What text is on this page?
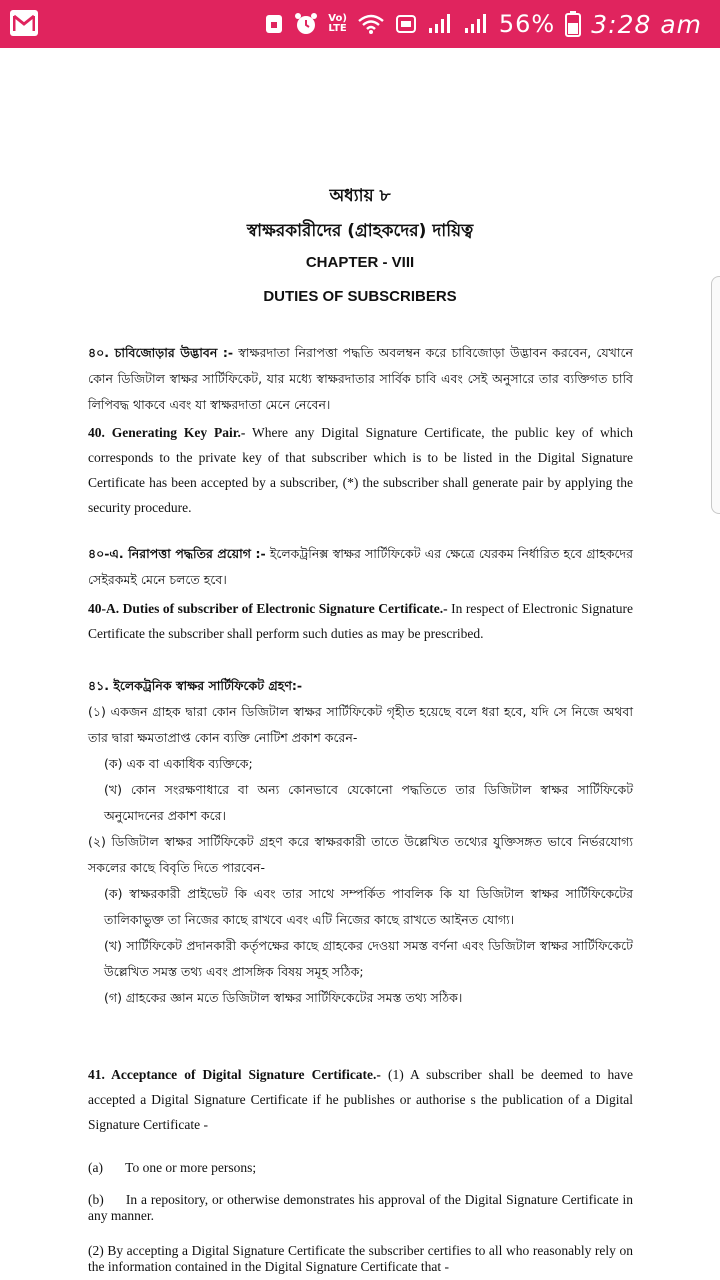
Vo)
LTE	56% 3:28 am
অধ্যায় ৮
স্বাক্ষরকারীদের (গ্রাহকদের) দায়িত্ব
CHAPTER - VIII
DUTIES OF SUBSCRIBERS
৪০. চাবিজোড়ার উদ্ভাবন :- স্বাক্ষরদাতা নিরাপত্তা পদ্ধতি অবলম্বন করে চাবিজোড়া উদ্ভাবন করবেন, যেখানে কোন ডিজিটাল স্বাক্ষর সার্টিফিকেট, যার মধ্যে স্বাক্ষরদাতার সার্বিক চাবি এবং সেই অনুসারে তার ব্যক্তিগত চাবি লিপিবদ্ধ থাকবে এবং যা স্বাক্ষরদাতা মেনে নেবেন।
40. Generating Key Pair.- Where any Digital Signature Certificate, the public key of which corresponds to the private key of that subscriber which is to be listed in the Digital Signature Certificate has been accepted by a subscriber, (*) the subscriber shall generate pair by applying the security procedure.
৪০-এ. নিরাপত্তা পদ্ধতির প্রয়োগ :- ইলেকট্রনিক্স স্বাক্ষর সার্টিফিকেট এর ক্ষেত্রে যেরকম নির্ধারিত হবে গ্রাহকদের সেইরকমই মেনে চলতে হবে।
40-A. Duties of subscriber of Electronic Signature Certificate.- In respect of Electronic Signature Certificate the subscriber shall perform such duties as may be prescribed.
৪১. ইলেকট্রনিক স্বাক্ষর সার্টিফিকেট গ্রহণ:-
(১) একজন গ্রাহক দ্বারা কোন ডিজিটাল স্বাক্ষর সার্টিফিকেট গৃহীত হয়েছে বলে ধরা হবে, যদি সে নিজে অথবা তার দ্বারা ক্ষমতাপ্রাপ্ত কোন ব্যক্তি নোটিশ প্রকাশ করেন-
(ক) এক বা একাধিক ব্যক্তিকে;
(খ) কোন সংরক্ষণাধারে বা অন্য কোনভাবে যেকোনো পদ্ধতিতে তার ডিজিটাল স্বাক্ষর সার্টিফিকেট অনুমোদনের প্রকাশ করে।
(২) ডিজিটাল স্বাক্ষর সার্টিফিকেট গ্রহণ করে স্বাক্ষরকারী তাতে উল্লেখিত তথ্যের যুক্তিসঙ্গত ভাবে নির্ভরযোগ্য সকলের কাছে বিবৃতি দিতে পারবেন-
(ক) স্বাক্ষরকারী প্রাইভেট কি এবং তার সাথে সম্পর্কিত পাবলিক কি যা ডিজিটাল স্বাক্ষর সার্টিফিকেটের তালিকাভুক্ত তা নিজের কাছে রাখবে এবং এটি নিজের কাছে রাখতে আইনত যোগ্য।
(খ) সার্টিফিকেট প্রদানকারী কর্তৃপক্ষের কাছে গ্রাহকের দেওয়া সমস্ত বর্ণনা এবং ডিজিটাল স্বাক্ষর সার্টিফিকেটে উল্লেখিত সমস্ত তথ্য এবং প্রাসঙ্গিক বিষয় সমূহ সঠিক;
(গ) গ্রাহকের জ্ঞান মতে ডিজিটাল স্বাক্ষর সার্টিফিকেটের সমস্ত তথ্য সঠিক।
41. Acceptance of Digital Signature Certificate.- (1) A subscriber shall be deemed to have accepted a Digital Signature Certificate if he publishes or authorise s the publication of a Digital Signature Certificate -
(a) To one or more persons;
(b) In a repository, or otherwise demonstrates his approval of the Digital Signature Certificate in any manner.
(2) By accepting a Digital Signature Certificate the subscriber certifies to all who reasonably rely on the information contained in the Digital Signature Certificate that -
